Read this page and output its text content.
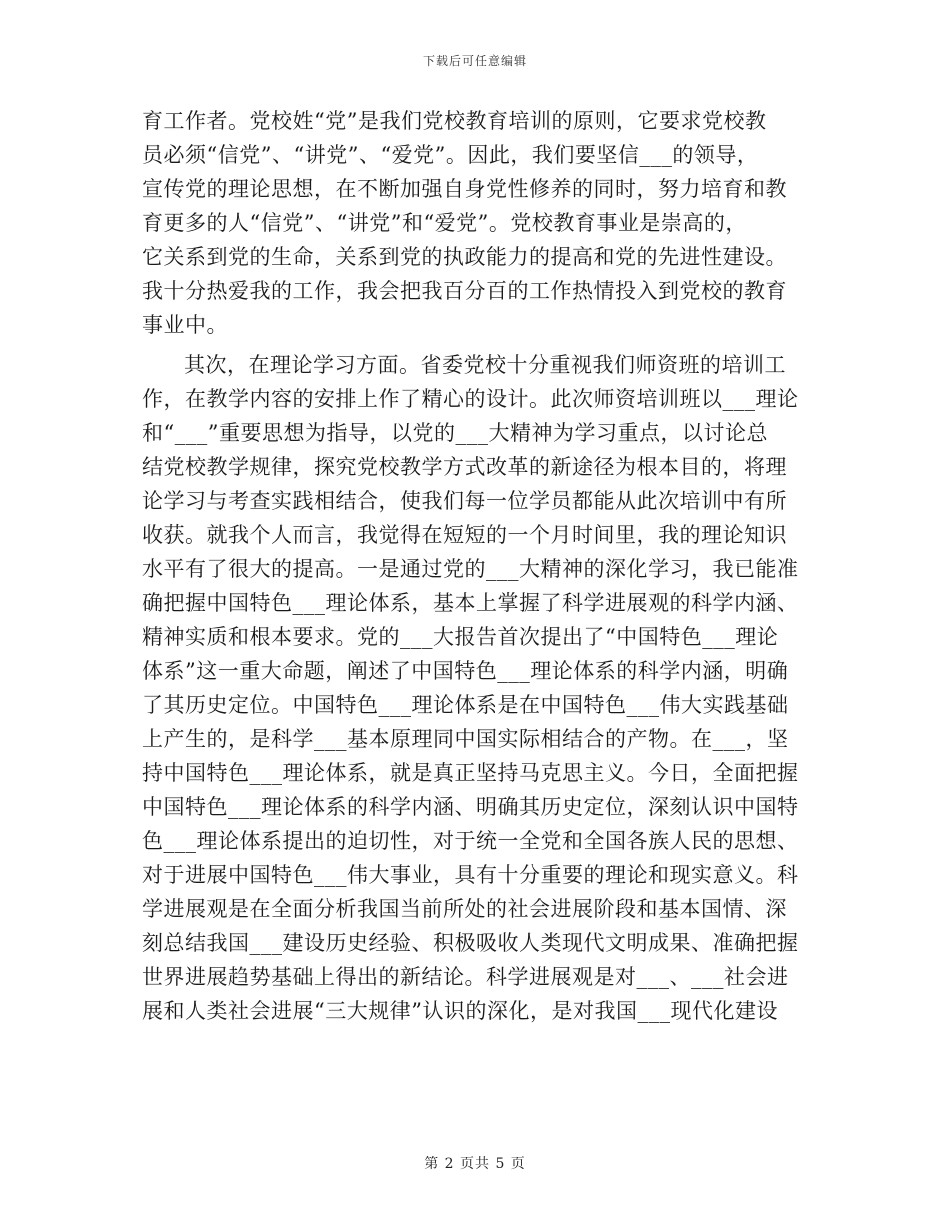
下载后可任意编辑
育工作者。党校姓“党”是我们党校教育培训的原则，它要求党校教
员必须“信党”、“讲党”、“爱党”。因此，我们要坚信___的领导，
宣传党的理论思想，在不断加强自身党性修养的同时，努力培育和教
育更多的人“信党”、“讲党”和“爱党”。党校教育事业是崇高的，
它关系到党的生命，关系到党的执政能力的提高和党的先进性建设。
我十分热爱我的工作，我会把我百分百的工作热情投入到党校的教育
事业中。
其次，在理论学习方面。省委党校十分重视我们师资班的培训工
作，在教学内容的安排上作了精心的设计。此次师资培训班以___理论
和“___”重要思想为指导，以党的___大精神为学习重点，以讨论总
结党校教学规律，探究党校教学方式改革的新途径为根本目的，将理
论学习与考查实践相结合，使我们每一位学员都能从此次培训中有所
收获。就我个人而言，我觉得在短短的一个月时间里，我的理论知识
水平有了很大的提高。一是通过党的___大精神的深化学习，我已能准
确把握中国特色___理论体系，基本上掌握了科学进展观的科学内涵、
精神实质和根本要求。党的___大报告首次提出了“中国特色___理论
体系”这一重大命题，阐述了中国特色___理论体系的科学内涵，明确
了其历史定位。中国特色___理论体系是在中国特色___伟大实践基础
上产生的，是科学___基本原理同中国实际相结合的产物。在___，坚
持中国特色___理论体系，就是真正坚持马克思主义。今日，全面把握
中国特色___理论体系的科学内涵、明确其历史定位，深刻认识中国特
色___理论体系提出的迫切性，对于统一全党和全国各族人民的思想、
对于进展中国特色___伟大事业，具有十分重要的理论和现实意义。科
学进展观是在全面分析我国当前所处的社会进展阶段和基本国情、深
刻总结我国___建设历史经验、积极吸收人类现代文明成果、准确把握
世界进展趋势基础上得出的新结论。科学进展观是对___、___社会进
展和人类社会进展“三大规律”认识的深化，是对我国___现代化建设
第 2 页共 5 页
